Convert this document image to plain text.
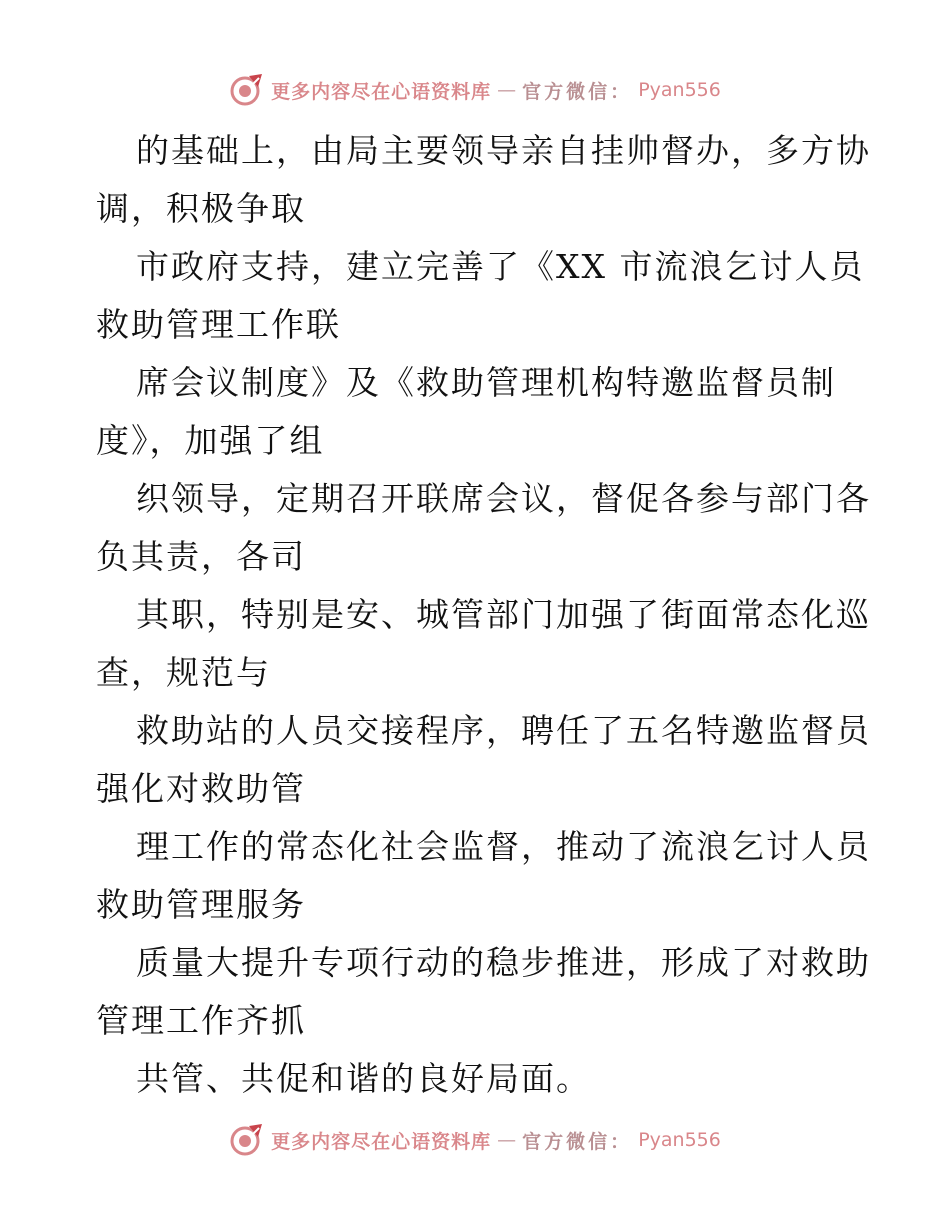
更多内容尽在心语资料库 — 官方微信： Pyan556
的基础上，由局主要领导亲自挂帅督办，多方协
调，积极争取
市政府支持，建立完善了《XX 市流浪乞讨人员
救助管理工作联
席会议制度》及《救助管理机构特邀监督员制
度》，加强了组
织领导，定期召开联席会议，督促各参与部门各
负其责，各司
其职，特别是安、城管部门加强了街面常态化巡
查，规范与
救助站的人员交接程序，聘任了五名特邀监督员
强化对救助管
理工作的常态化社会监督，推动了流浪乞讨人员
救助管理服务
质量大提升专项行动的稳步推进，形成了对救助
管理工作齐抓
共管、共促和谐的良好局面。
更多内容尽在心语资料库 — 官方微信： Pyan556
